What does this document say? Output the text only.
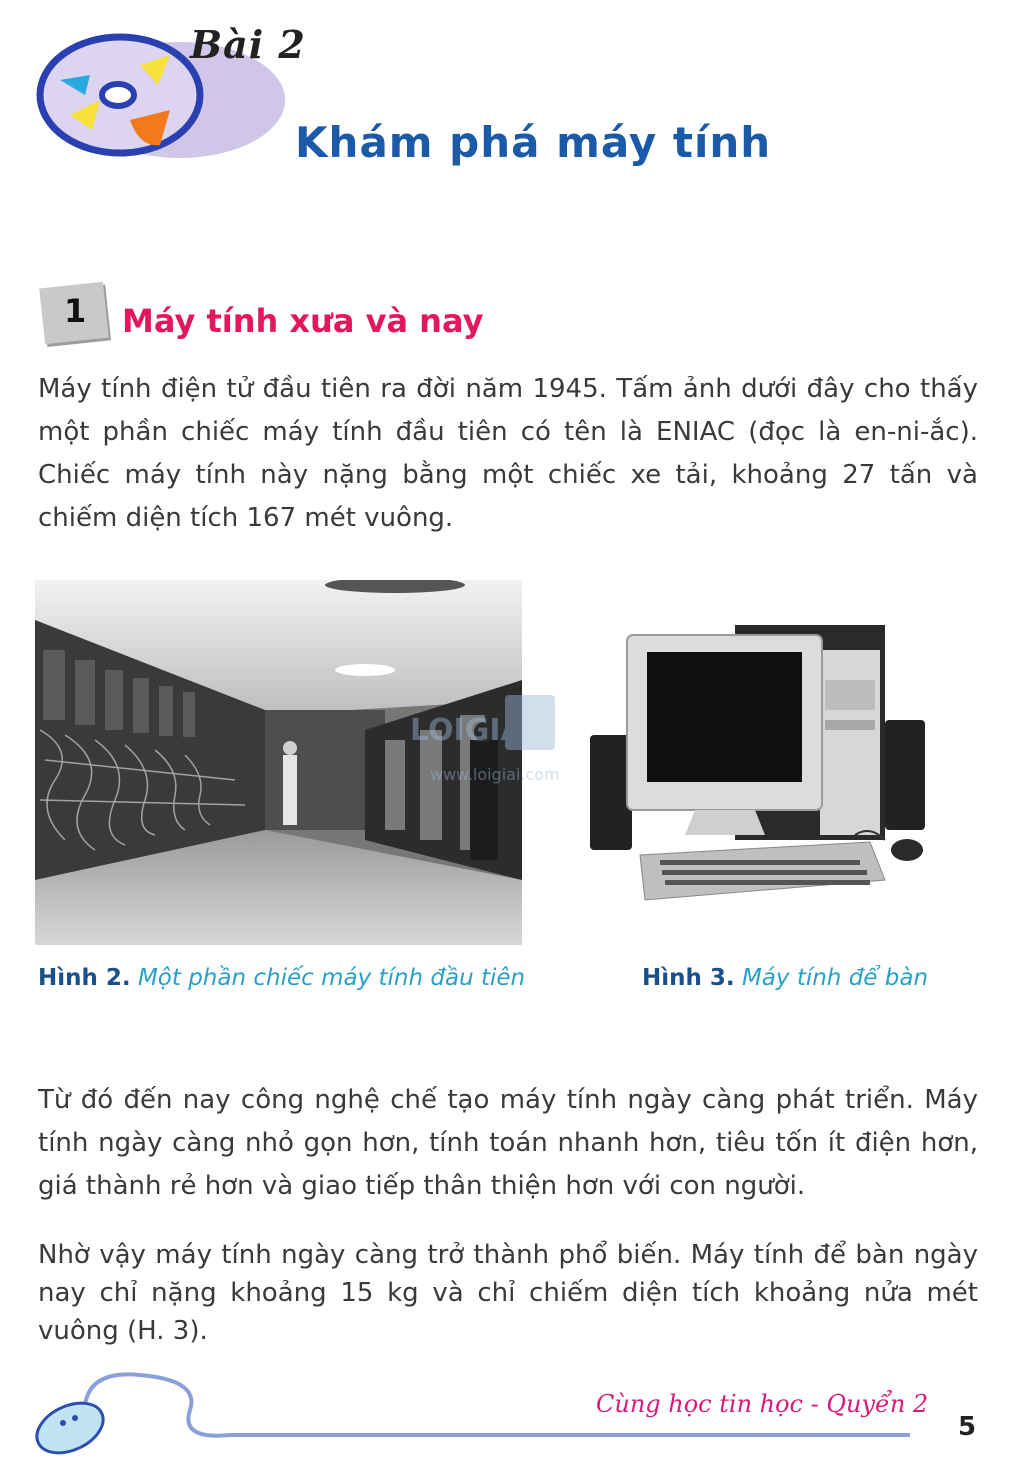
Bài 2
Khám phá máy tính
1 Máy tính xưa và nay
Máy tính điện tử đầu tiên ra đời năm 1945. Tấm ảnh dưới đây cho thấy một phần chiếc máy tính đầu tiên có tên là ENIAC (đọc là en-ni-ắc). Chiếc máy tính này nặng bằng một chiếc xe tải, khoảng 27 tấn và chiếm diện tích 167 mét vuông.
LOIGIAI
www.loigiai.com
Hình 2. Một phần chiếc máy tính đầu tiên	Hình 3. Máy tính để bàn
Từ đó đến nay công nghệ chế tạo máy tính ngày càng phát triển. Máy tính ngày càng nhỏ gọn hơn, tính toán nhanh hơn, tiêu tốn ít điện hơn, giá thành rẻ hơn và giao tiếp thân thiện hơn với con người.
Nhờ vậy máy tính ngày càng trở thành phổ biến. Máy tính để bàn ngày nay chỉ nặng khoảng 15 kg và chỉ chiếm diện tích khoảng nửa mét vuông (H. 3).
Cùng học tin học - Quyển 2
5
